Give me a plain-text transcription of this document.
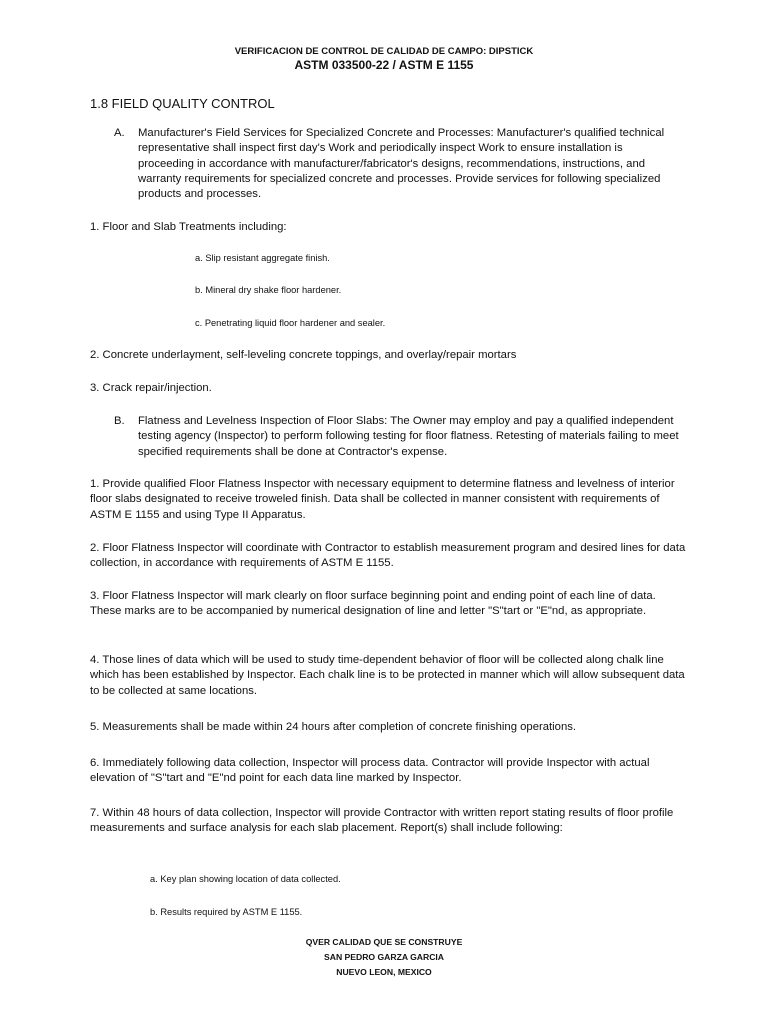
VERIFICACION DE CONTROL DE CALIDAD DE CAMPO: DIPSTICK
ASTM 033500-22 / ASTM E 1155
1.8 FIELD QUALITY CONTROL
A. Manufacturer's Field Services for Specialized Concrete and Processes: Manufacturer's qualified technical representative shall inspect first day's Work and periodically inspect Work to ensure installation is proceeding in accordance with manufacturer/fabricator's designs, recommendations, instructions, and warranty requirements for specialized concrete and processes. Provide services for following specialized products and processes.
1. Floor and Slab Treatments including:
a. Slip resistant aggregate finish.
b. Mineral dry shake floor hardener.
c. Penetrating liquid floor hardener and sealer.
2. Concrete underlayment, self-leveling concrete toppings, and overlay/repair mortars
3. Crack repair/injection.
B. Flatness and Levelness Inspection of Floor Slabs: The Owner may employ and pay a qualified independent testing agency (Inspector) to perform following testing for floor flatness. Retesting of materials failing to meet specified requirements shall be done at Contractor's expense.
1. Provide qualified Floor Flatness Inspector with necessary equipment to determine flatness and levelness of interior floor slabs designated to receive troweled finish. Data shall be collected in manner consistent with requirements of ASTM E 1155 and using Type II Apparatus.
2. Floor Flatness Inspector will coordinate with Contractor to establish measurement program and desired lines for data collection, in accordance with requirements of ASTM E 1155.
3. Floor Flatness Inspector will mark clearly on floor surface beginning point and ending point of each line of data. These marks are to be accompanied by numerical designation of line and letter "S"tart or "E"nd, as appropriate.
4. Those lines of data which will be used to study time-dependent behavior of floor will be collected along chalk line which has been established by Inspector. Each chalk line is to be protected in manner which will allow subsequent data to be collected at same locations.
5. Measurements shall be made within 24 hours after completion of concrete finishing operations.
6. Immediately following data collection, Inspector will process data. Contractor will provide Inspector with actual elevation of "S"tart and "E"nd point for each data line marked by Inspector.
7. Within 48 hours of data collection, Inspector will provide Contractor with written report stating results of floor profile measurements and surface analysis for each slab placement. Report(s) shall include following:
a. Key plan showing location of data collected.
b. Results required by ASTM E 1155.
QVER CALIDAD QUE SE CONSTRUYE
SAN PEDRO GARZA GARCIA
NUEVO LEON, MEXICO
